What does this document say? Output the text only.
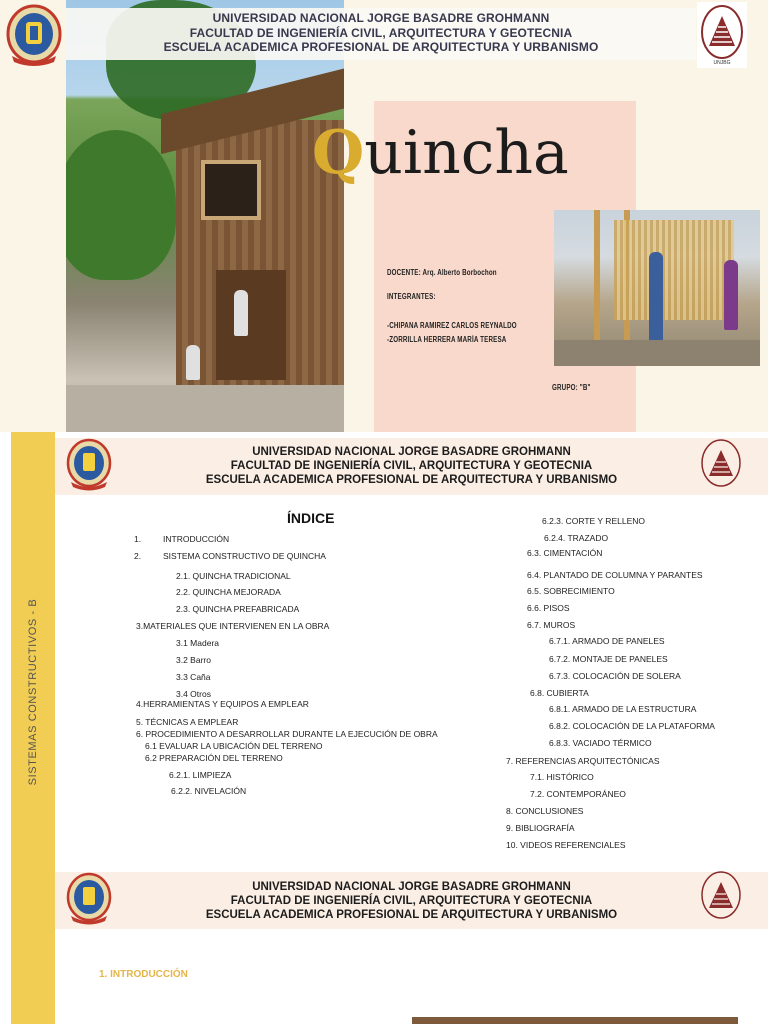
UNJBG
UNIVERSIDAD NACIONAL JORGE BASADRE GROHMANN
FACULTAD DE INGENIERÍA CIVIL, ARQUITECTURA Y GEOTECNIA
ESCUELA ACADEMICA PROFESIONAL DE ARQUITECTURA Y URBANISMO
Quincha
DOCENTE: Arq. Alberto Borbochon
INTEGRANTES:
-CHIPANA RAMIREZ CARLOS REYNALDO
-ZORRILLA HERRERA MARÍA TERESA
GRUPO: "B"
SISTEMAS CONSTRUCTIVOS - B
UNIVERSIDAD NACIONAL JORGE BASADRE GROHMANN
FACULTAD DE INGENIERÍA CIVIL, ARQUITECTURA Y GEOTECNIA
ESCUELA ACADEMICA PROFESIONAL DE ARQUITECTURA Y URBANISMO
ÍNDICE
1.	INTRODUCCIÓN
2.	SISTEMA CONSTRUCTIVO DE QUINCHA
2.1. QUINCHA TRADICIONAL
2.2. QUINCHA MEJORADA
2.3. QUINCHA PREFABRICADA
3.MATERIALES QUE INTERVIENEN EN LA OBRA
3.1 Madera
3.2 Barro
3.3 Caña
3.4 Otros
4.HERRAMIENTAS Y EQUIPOS A EMPLEAR
5. TÉCNICAS A EMPLEAR
6. PROCEDIMIENTO A DESARROLLAR DURANTE LA EJECUCIÓN DE OBRA
6.1 EVALUAR LA UBICACIÓN DEL TERRENO
6.2 PREPARACIÓN DEL TERRENO
6.2.1. LIMPIEZA
6.2.2. NIVELACIÓN
6.2.3. CORTE Y RELLENO
6.2.4. TRAZADO
6.3. CIMENTACIÓN
6.4. PLANTADO DE COLUMNA Y PARANTES
6.5. SOBRECIMIENTO
6.6. PISOS
6.7. MUROS
6.7.1. ARMADO DE PANELES
6.7.2. MONTAJE DE PANELES
6.7.3. COLOCACIÓN DE SOLERA
6.8. CUBIERTA
6.8.1. ARMADO DE LA ESTRUCTURA
6.8.2. COLOCACIÓN DE LA PLATAFORMA
6.8.3. VACIADO TÉRMICO
7. REFERENCIAS ARQUITECTÓNICAS
7.1. HISTÓRICO
7.2. CONTEMPORÁNEO
8. CONCLUSIONES
9. BIBLIOGRAFÍA
10. VIDEOS REFERENCIALES
UNIVERSIDAD NACIONAL JORGE BASADRE GROHMANN
FACULTAD DE INGENIERÍA CIVIL, ARQUITECTURA Y GEOTECNIA
ESCUELA ACADEMICA PROFESIONAL DE ARQUITECTURA Y URBANISMO
1. INTRODUCCIÓN
